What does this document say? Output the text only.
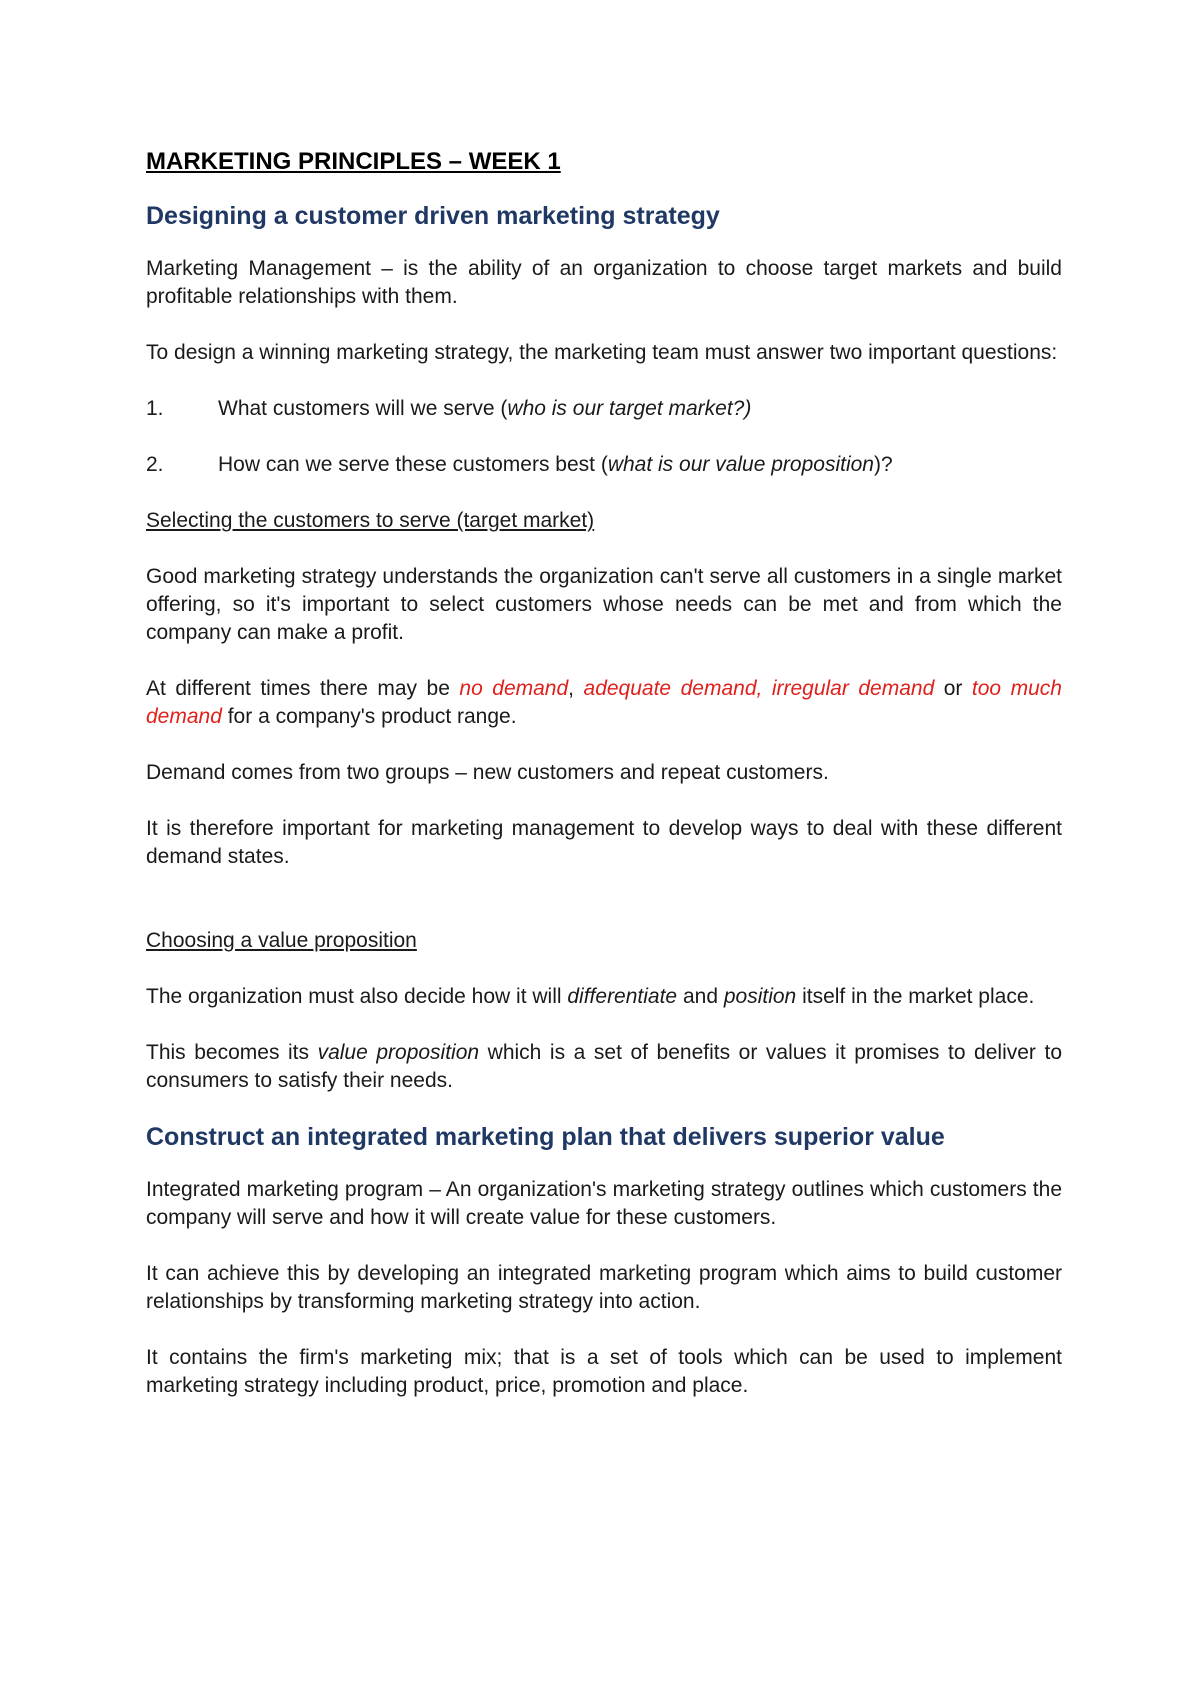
MARKETING PRINCIPLES – WEEK 1
Designing a customer driven marketing strategy

Marketing Management – is the ability of an organization to choose target markets and build profitable relationships with them.

To design a winning marketing strategy, the marketing team must answer two important questions:

1.	What customers will we serve (who is our target market?)
2.	How can we serve these customers best (what is our value proposition)?

Selecting the customers to serve (target market)

Good marketing strategy understands the organization can't serve all customers in a single market offering, so it's important to select customers whose needs can be met and from which the company can make a profit.

At different times there may be no demand, adequate demand, irregular demand or too much demand for a company's product range.

Demand comes from two groups – new customers and repeat customers.

It is therefore important for marketing management to develop ways to deal with these different demand states.

Choosing a value proposition

The organization must also decide how it will differentiate and position itself in the market place.

This becomes its value proposition which is a set of benefits or values it promises to deliver to consumers to satisfy their needs.

Construct an integrated marketing plan that delivers superior value

Integrated marketing program – An organization's marketing strategy outlines which customers the company will serve and how it will create value for these customers.

It can achieve this by developing an integrated marketing program which aims to build customer relationships by transforming marketing strategy into action.

It contains the firm's marketing mix; that is a set of tools which can be used to implement marketing strategy including product, price, promotion and place.
